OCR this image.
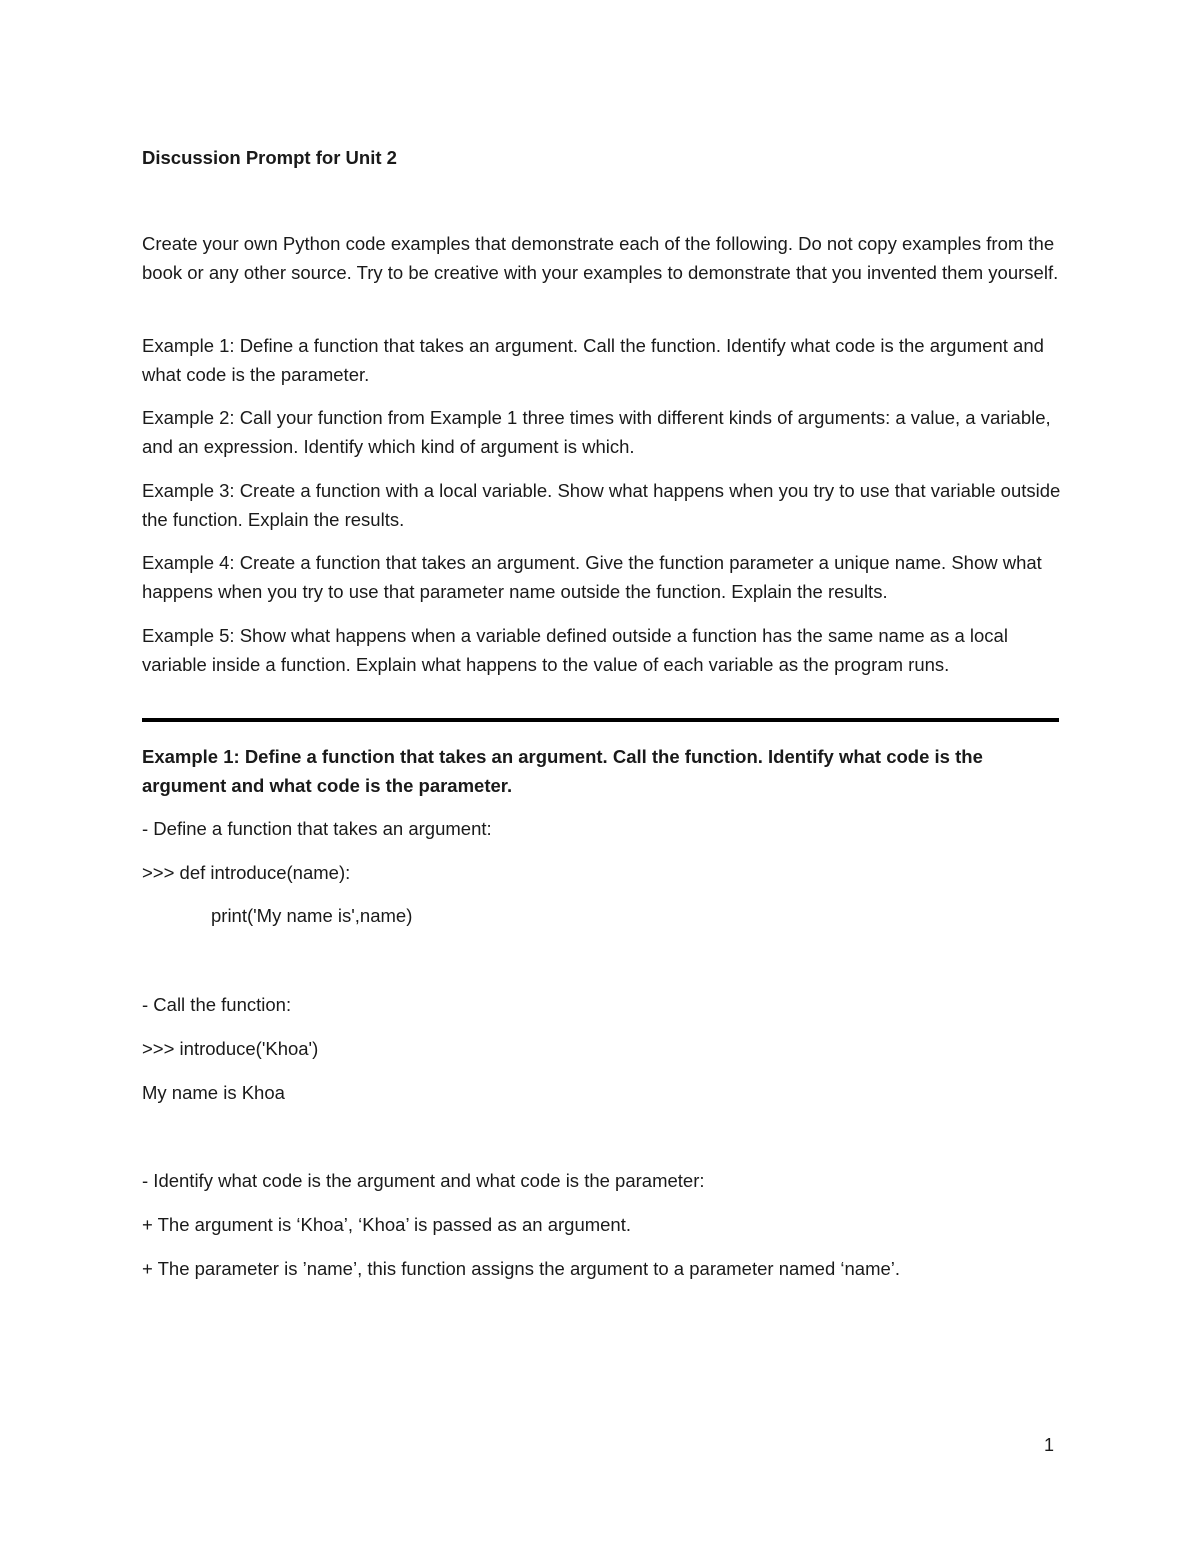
Discussion Prompt for Unit 2

Create your own Python code examples that demonstrate each of the following. Do not copy examples from the book or any other source. Try to be creative with your examples to demonstrate that you invented them yourself.

Example 1: Define a function that takes an argument. Call the function. Identify what code is the argument and what code is the parameter.

Example 2: Call your function from Example 1 three times with different kinds of arguments: a value, a variable, and an expression. Identify which kind of argument is which.

Example 3: Create a function with a local variable. Show what happens when you try to use that variable outside the function. Explain the results.

Example 4: Create a function that takes an argument. Give the function parameter a unique name. Show what happens when you try to use that parameter name outside the function. Explain the results.

Example 5: Show what happens when a variable defined outside a function has the same name as a local variable inside a function. Explain what happens to the value of each variable as the program runs.

Example 1: Define a function that takes an argument. Call the function. Identify what code is the argument and what code is the parameter.

- Define a function that takes an argument:

>>> def introduce(name):

print('My name is',name)

- Call the function:

>>> introduce('Khoa')

My name is Khoa

- Identify what code is the argument and what code is the parameter:

+ The argument is ‘Khoa’, ‘Khoa’ is passed as an argument.

+ The parameter is ’name’, this function assigns the argument to a parameter named ‘name’.

1
